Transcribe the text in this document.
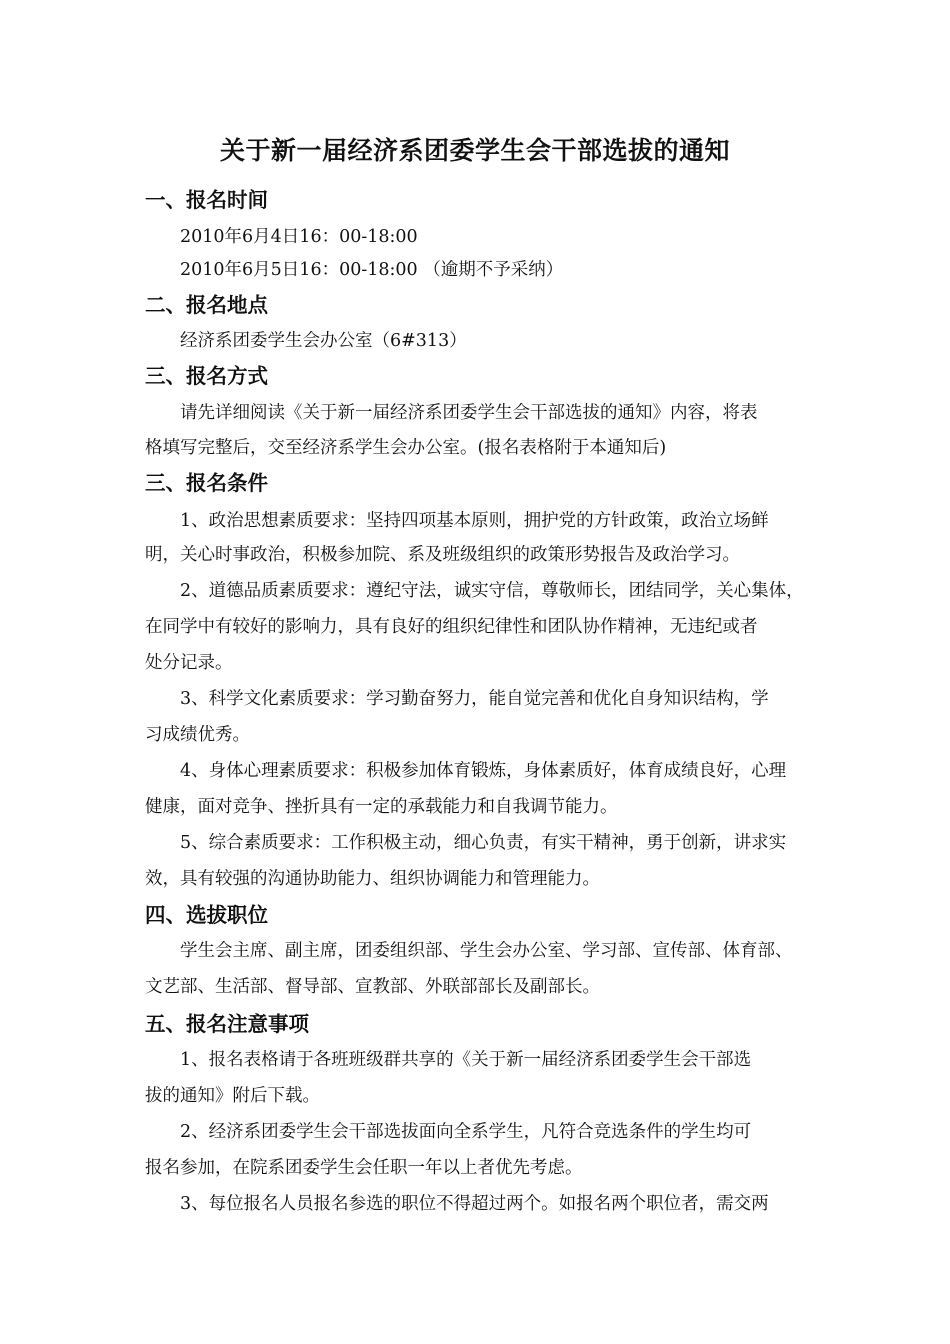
关于新一届经济系团委学生会干部选拔的通知
一、报名时间
2010年6月4日16：00-18:00
2010年6月5日16：00-18:00 （逾期不予采纳）
二、报名地点
经济系团委学生会办公室（6#313）
三、报名方式
请先详细阅读《关于新一届经济系团委学生会干部选拔的通知》内容，将表
格填写完整后，交至经济系学生会办公室。(报名表格附于本通知后)
三、报名条件
1、政治思想素质要求：坚持四项基本原则，拥护党的方针政策，政治立场鲜
明，关心时事政治，积极参加院、系及班级组织的政策形势报告及政治学习。
2、道德品质素质要求：遵纪守法，诚实守信，尊敬师长，团结同学，关心集体，
在同学中有较好的影响力，具有良好的组织纪律性和团队协作精神，无违纪或者
处分记录。
3、科学文化素质要求：学习勤奋努力，能自觉完善和优化自身知识结构，学
习成绩优秀。
4、身体心理素质要求：积极参加体育锻炼，身体素质好，体育成绩良好，心理
健康，面对竞争、挫折具有一定的承载能力和自我调节能力。
5、综合素质要求：工作积极主动，细心负责，有实干精神，勇于创新，讲求实
效，具有较强的沟通协助能力、组织协调能力和管理能力。
四、选拔职位
学生会主席、副主席，团委组织部、学生会办公室、学习部、宣传部、体育部、
文艺部、生活部、督导部、宣教部、外联部部长及副部长。
五、报名注意事项
1、报名表格请于各班班级群共享的《关于新一届经济系团委学生会干部选
拔的通知》附后下载。
2、经济系团委学生会干部选拔面向全系学生，凡符合竞选条件的学生均可
报名参加，在院系团委学生会任职一年以上者优先考虑。
3、每位报名人员报名参选的职位不得超过两个。如报名两个职位者，需交两
